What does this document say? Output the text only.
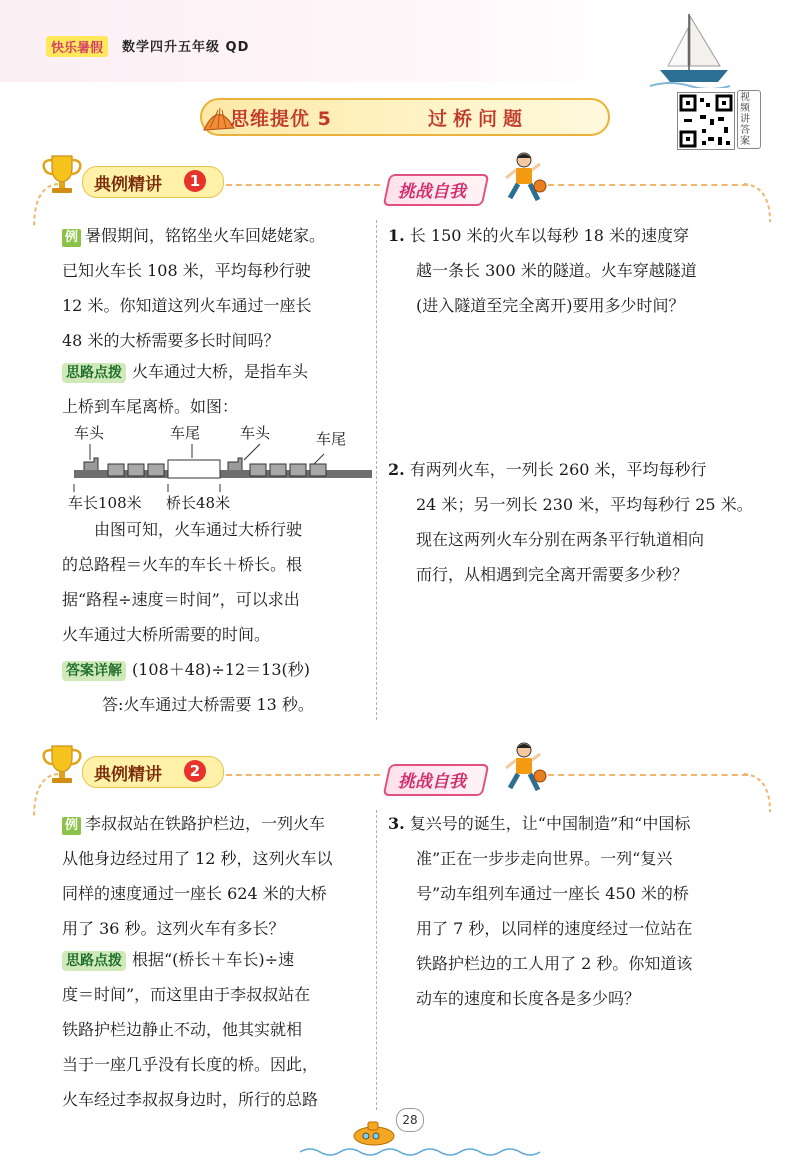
快乐暑假	数学四升五年级 QD
思维提优 5	过桥问题
视频讲答案
典例精讲	1
挑战自我
例 暑假期间，铭铭坐火车回姥姥家。
已知火车长 108 米，平均每秒行驶
12 米。你知道这列火车通过一座长
48 米的大桥需要多长时间吗？
思路点拨 火车通过大桥，是指车头
上桥到车尾离桥。如图：
车头	车尾	车头	车尾
车长108米 桥长48米
由图可知，火车通过大桥行驶
的总路程＝火车的车长＋桥长。根
据“路程÷速度＝时间”，可以求出
火车通过大桥所需要的时间。
答案详解 (108＋48)÷12＝13(秒)
答:火车通过大桥需要 13 秒。
1. 长 150 米的火车以每秒 18 米的速度穿
越一条长 300 米的隧道。火车穿越隧道
(进入隧道至完全离开)要用多少时间？
2. 有两列火车，一列长 260 米，平均每秒行
24 米；另一列长 230 米，平均每秒行 25 米。
现在这两列火车分别在两条平行轨道相向
而行，从相遇到完全离开需要多少秒？
典例精讲	2
挑战自我
例 李叔叔站在铁路护栏边，一列火车
从他身边经过用了 12 秒，这列火车以
同样的速度通过一座长 624 米的大桥
用了 36 秒。这列火车有多长？
思路点拨 根据“(桥长＋车长)÷速
度＝时间”，而这里由于李叔叔站在
铁路护栏边静止不动，他其实就相
当于一座几乎没有长度的桥。因此，
火车经过李叔叔身边时，所行的总路
3. 复兴号的诞生，让“中国制造”和“中国标
准”正在一步步走向世界。一列“复兴
号”动车组列车通过一座长 450 米的桥
用了 7 秒，以同样的速度经过一位站在
铁路护栏边的工人用了 2 秒。你知道该
动车的速度和长度各是多少吗？
28
